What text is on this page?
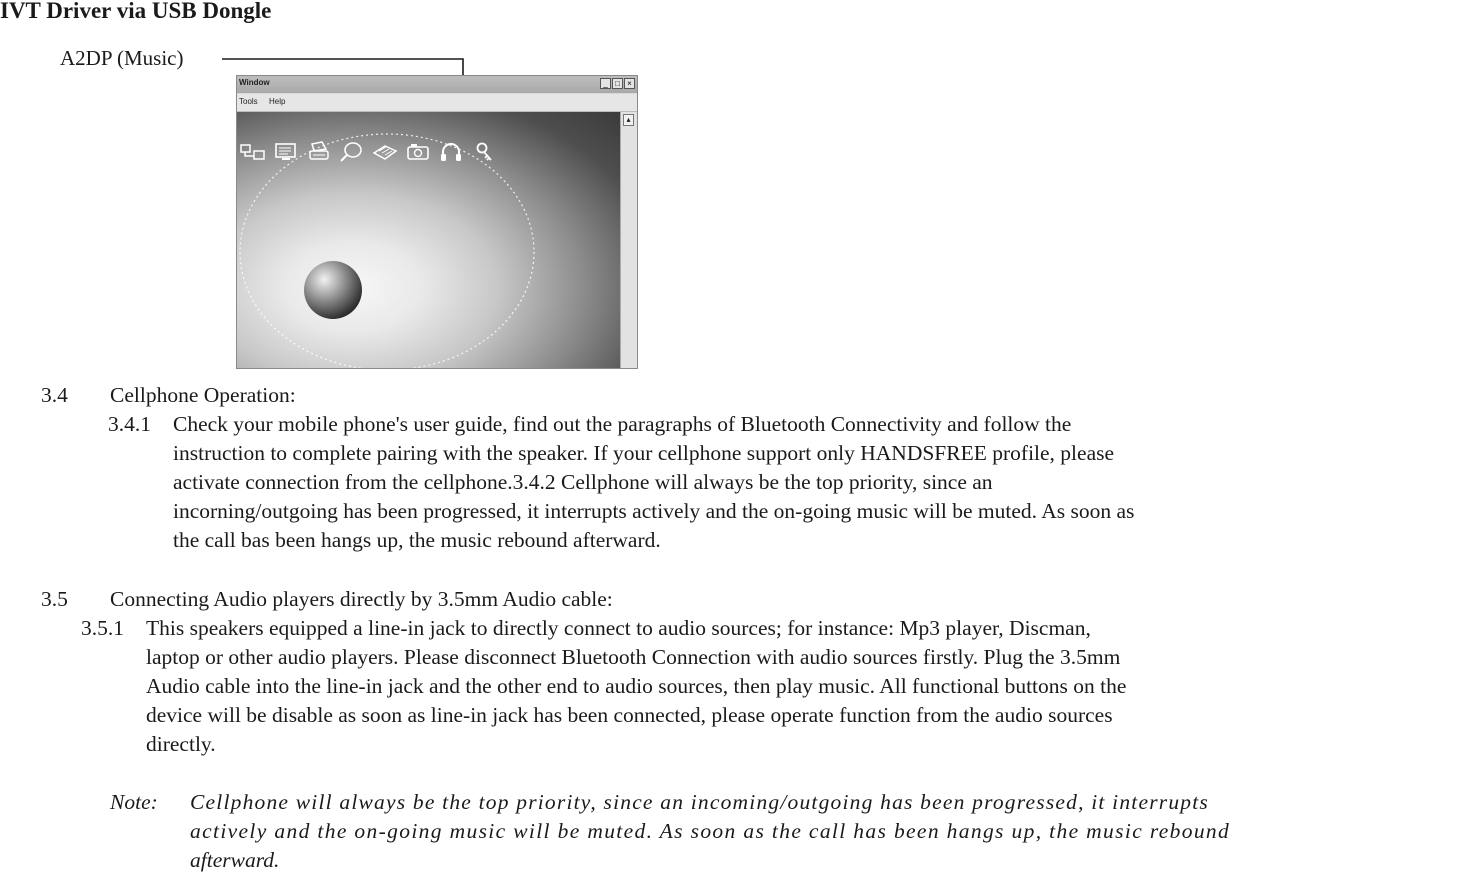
IVT Driver via USB Dongle
A2DP (Music)
Window	_ □ ×
Tools Help
▴
3.4 Cellphone Operation:
3.4.1 Check your mobile phone's user guide, find out the paragraphs of Bluetooth Connectivity and follow the
instruction to complete pairing with the speaker. If your cellphone support only HANDSFREE profile, please
activate connection from the cellphone.3.4.2 Cellphone will always be the top priority, since an
incorning/outgoing has been progressed, it interrupts actively and the on-going music will be muted. As soon as
the call bas been hangs up, the music rebound afterward.
3.5 Connecting Audio players directly by 3.5mm Audio cable:
3.5.1 This speakers equipped a line-in jack to directly connect to audio sources; for instance: Mp3 player, Discman,
laptop or other audio players. Please disconnect Bluetooth Connection with audio sources firstly. Plug the 3.5mm
Audio cable into the line-in jack and the other end to audio sources, then play music. All functional buttons on the
device will be disable as soon as line-in jack has been connected, please operate function from the audio sources
directly.
Note: Cellphone will always be the top priority, since an incoming/outgoing has been progressed, it interrupts
actively and the on-going music will be muted. As soon as the call has been hangs up, the music rebound
afterward.
